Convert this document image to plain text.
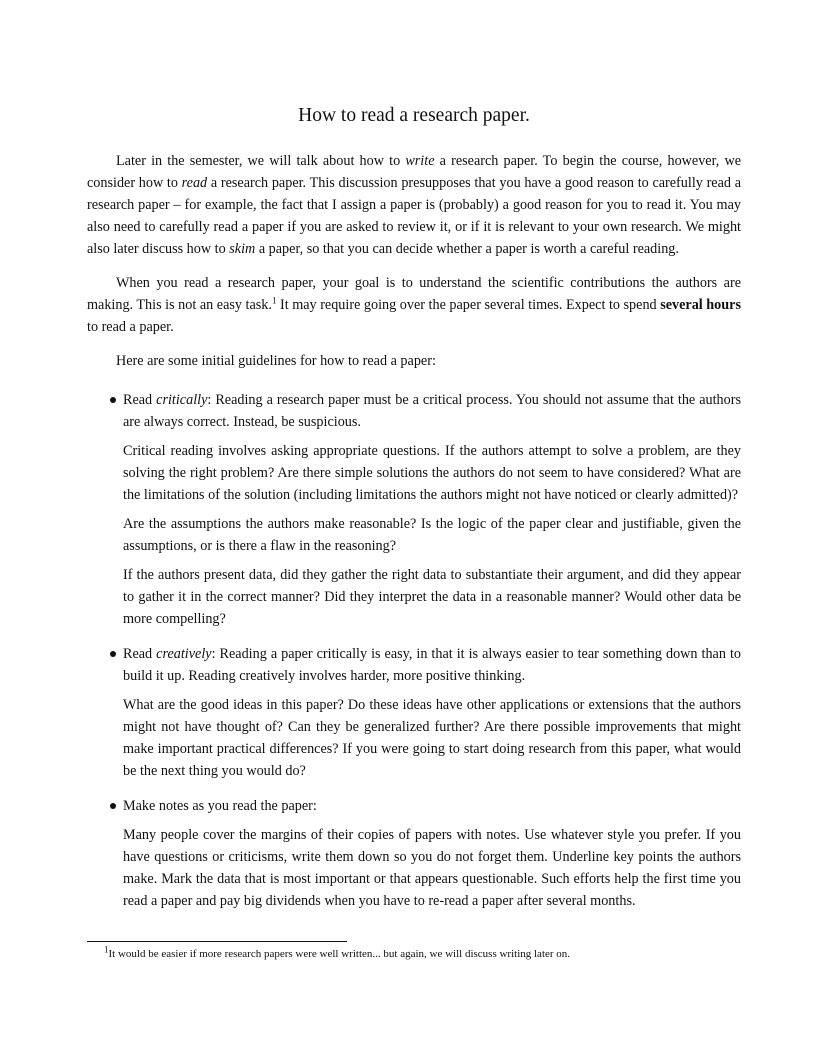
How to read a research paper.

Later in the semester, we will talk about how to write a research paper. To begin the course, however, we consider how to read a research paper. This discussion presupposes that you have a good reason to carefully read a research paper – for example, the fact that I assign a paper is (probably) a good reason for you to read it. You may also need to carefully read a paper if you are asked to review it, or if it is relevant to your own research. We might also later discuss how to skim a paper, so that you can decide whether a paper is worth a careful reading.

When you read a research paper, your goal is to understand the scientific contributions the authors are making. This is not an easy task.$^1$ It may require going over the paper several times. Expect to spend several hours to read a paper.

Here are some initial guidelines for how to read a paper:

Read critically: Reading a research paper must be a critical process. You should not assume that the authors are always correct. Instead, be suspicious.

Critical reading involves asking appropriate questions. If the authors attempt to solve a problem, are they solving the right problem? Are there simple solutions the authors do not seem to have considered? What are the limitations of the solution (including limitations the authors might not have noticed or clearly admitted)?

Are the assumptions the authors make reasonable? Is the logic of the paper clear and justifiable, given the assumptions, or is there a flaw in the reasoning?

If the authors present data, did they gather the right data to substantiate their argument, and did they appear to gather it in the correct manner? Did they interpret the data in a reasonable manner? Would other data be more compelling?

Read creatively: Reading a paper critically is easy, in that it is always easier to tear something down than to build it up. Reading creatively involves harder, more positive thinking.

What are the good ideas in this paper? Do these ideas have other applications or extensions that the authors might not have thought of? Can they be generalized further? Are there possible improvements that might make important practical differences? If you were going to start doing research from this paper, what would be the next thing you would do?

Make notes as you read the paper:

Many people cover the margins of their copies of papers with notes. Use whatever style you prefer. If you have questions or criticisms, write them down so you do not forget them. Underline key points the authors make. Mark the data that is most important or that appears questionable. Such efforts help the first time you read a paper and pay big dividends when you have to re-read a paper after several months.

$^1$It would be easier if more research papers were well written... but again, we will discuss writing later on.
